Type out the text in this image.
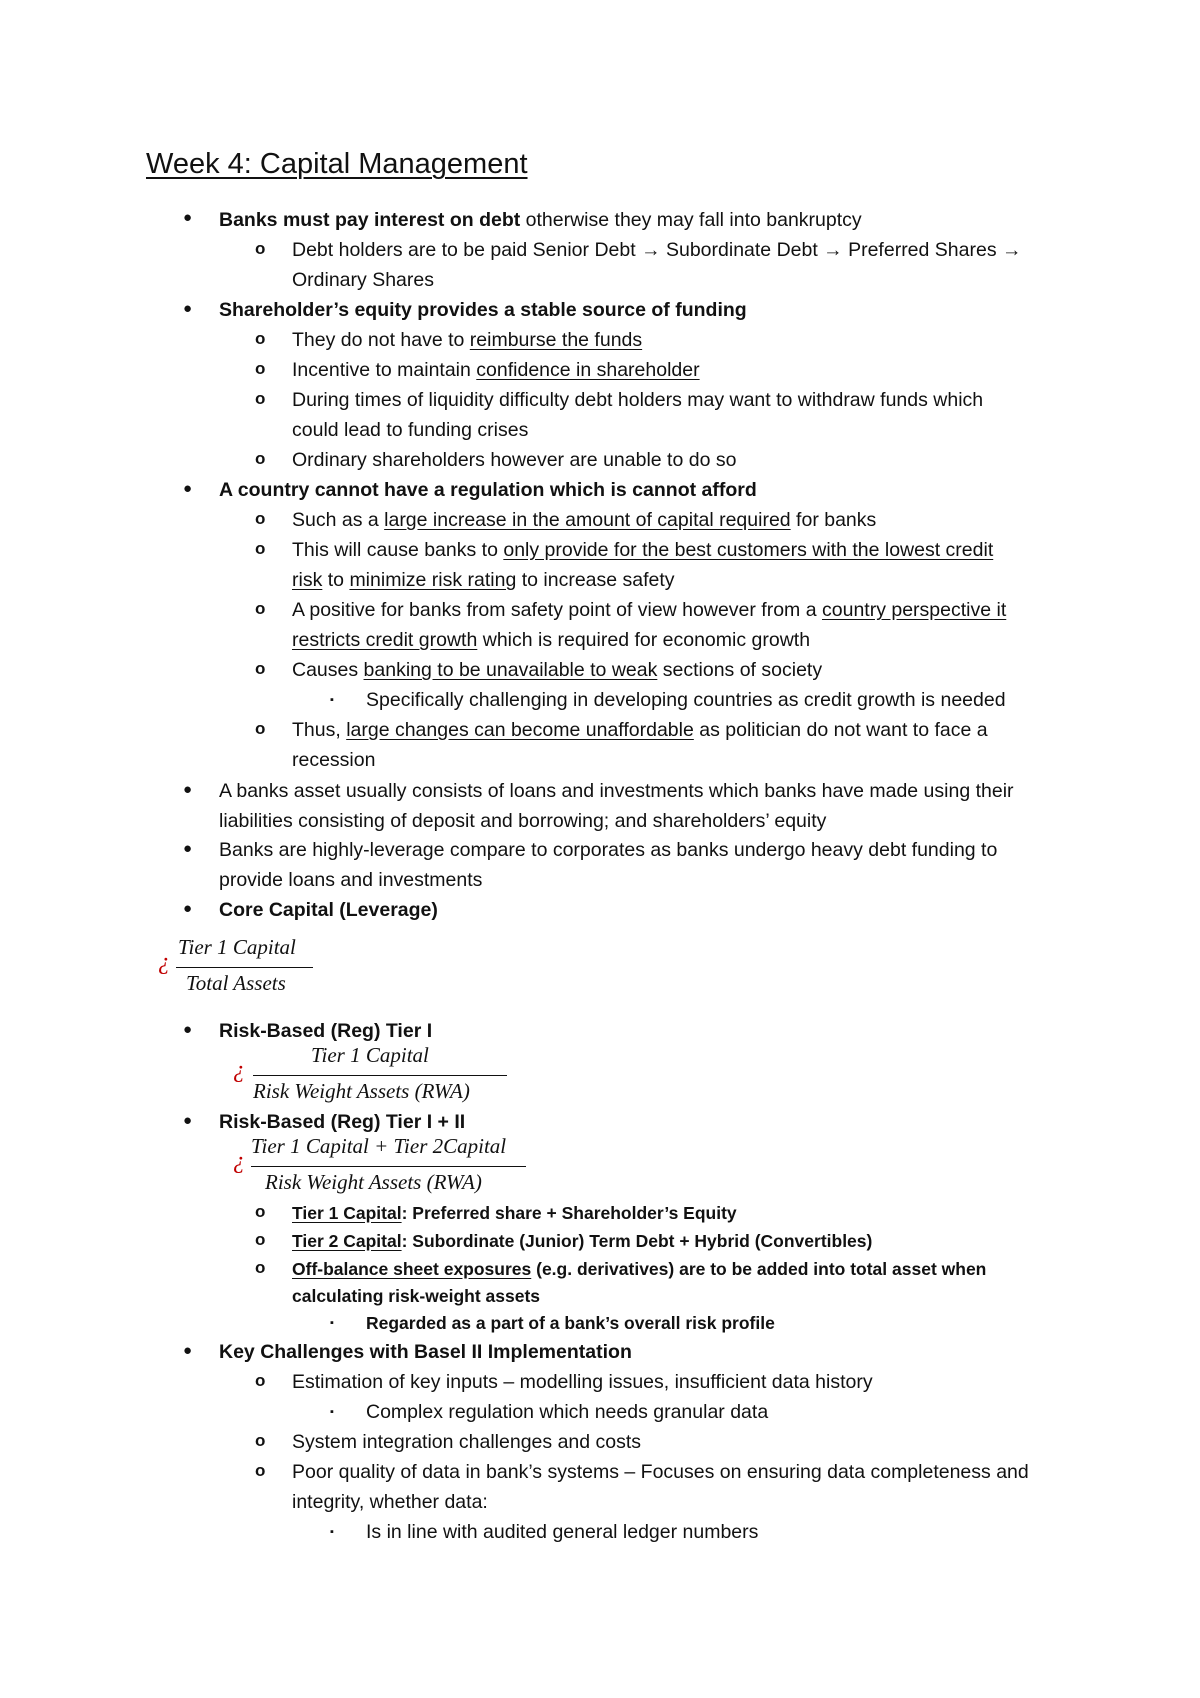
Week 4: Capital Management
● Banks must pay interest on debt otherwise they may fall into bankruptcy
o Debt holders are to be paid Senior Debt → Subordinate Debt → Preferred Shares →
Ordinary Shares
● Shareholder’s equity provides a stable source of funding
o They do not have to reimburse the funds
o Incentive to maintain confidence in shareholder
o During times of liquidity difficulty debt holders may want to withdraw funds which
could lead to funding crises
o Ordinary shareholders however are unable to do so
● A country cannot have a regulation which is cannot afford
o Such as a large increase in the amount of capital required for banks
o This will cause banks to only provide for the best customers with the lowest credit
risk to minimize risk rating to increase safety
o A positive for banks from safety point of view however from a country perspective it
restricts credit growth which is required for economic growth
o Causes banking to be unavailable to weak sections of society
▪ Specifically challenging in developing countries as credit growth is needed
o Thus, large changes can become unaffordable as politician do not want to face a
recession
● A banks asset usually consists of loans and investments which banks have made using their
liabilities consisting of deposit and borrowing; and shareholders’ equity
● Banks are highly-leverage compare to corporates as banks undergo heavy debt funding to
provide loans and investments
● Core Capital (Leverage)
¿
Tier 1 Capital
Total Assets
● Risk-Based (Reg) Tier I
¿
Tier 1 Capital
Risk Weight Assets (RWA)
● Risk-Based (Reg) Tier I + II
¿
Tier 1 Capital + Tier 2Capital
Risk Weight Assets (RWA)
o Tier 1 Capital: Preferred share + Shareholder’s Equity
o Tier 2 Capital: Subordinate (Junior) Term Debt + Hybrid (Convertibles)
o Off-balance sheet exposures (e.g. derivatives) are to be added into total asset when
calculating risk-weight assets
▪ Regarded as a part of a bank’s overall risk profile
● Key Challenges with Basel II Implementation
o Estimation of key inputs – modelling issues, insufficient data history
▪ Complex regulation which needs granular data
o System integration challenges and costs
o Poor quality of data in bank’s systems – Focuses on ensuring data completeness and
integrity, whether data:
▪ Is in line with audited general ledger numbers
